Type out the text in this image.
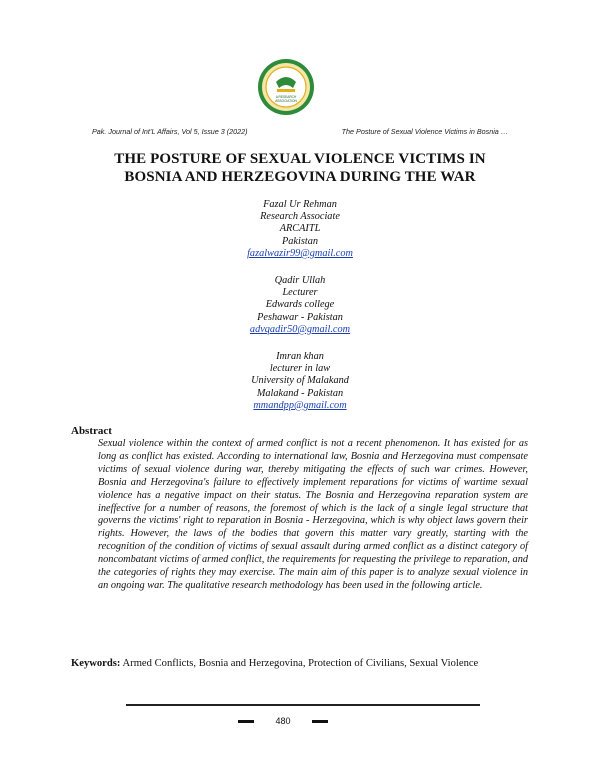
A RESEARCH
ASSOCIATION
Pak. Journal of Int’L Affairs, Vol 5, Issue 3 (2022)	The Posture of Sexual Violence Victims in Bosnia …
THE POSTURE OF SEXUAL VIOLENCE VICTIMS IN
BOSNIA AND HERZEGOVINA DURING THE WAR
Fazal Ur Rehman
Research Associate
ARCAITL
Pakistan
fazalwazir99@gmail.com
Qadir Ullah
Lecturer
Edwards college
Peshawar - Pakistan
advqadir50@gmail.com
Imran khan
lecturer in law
University of Malakand
Malakand - Pakistan
mmandpp@gmail.com
Abstract
Sexual violence within the context of armed conflict is not a recent phenomenon. It has existed for as long as conflict has existed. According to international law, Bosnia and Herzegovina must compensate victims of sexual violence during war, thereby mitigating the effects of such war crimes. However, Bosnia and Herzegovina's failure to effectively implement reparations for victims of wartime sexual violence has a negative impact on their status. The Bosnia and Herzegovina reparation system are ineffective for a number of reasons, the foremost of which is the lack of a single legal structure that governs the victims' right to reparation in Bosnia - Herzegovina, which is why object laws govern their rights. However, the laws of the bodies that govern this matter vary greatly, starting with the recognition of the condition of victims of sexual assault during armed conflict as a distinct category of noncombatant victims of armed conflict, the requirements for requesting the privilege to reparation, and the categories of rights they may exercise. The main aim of this paper is to analyze sexual violence in an ongoing war. The qualitative research methodology has been used in the following article.
Keywords: Armed Conflicts, Bosnia and Herzegovina, Protection of Civilians, Sexual Violence
480
